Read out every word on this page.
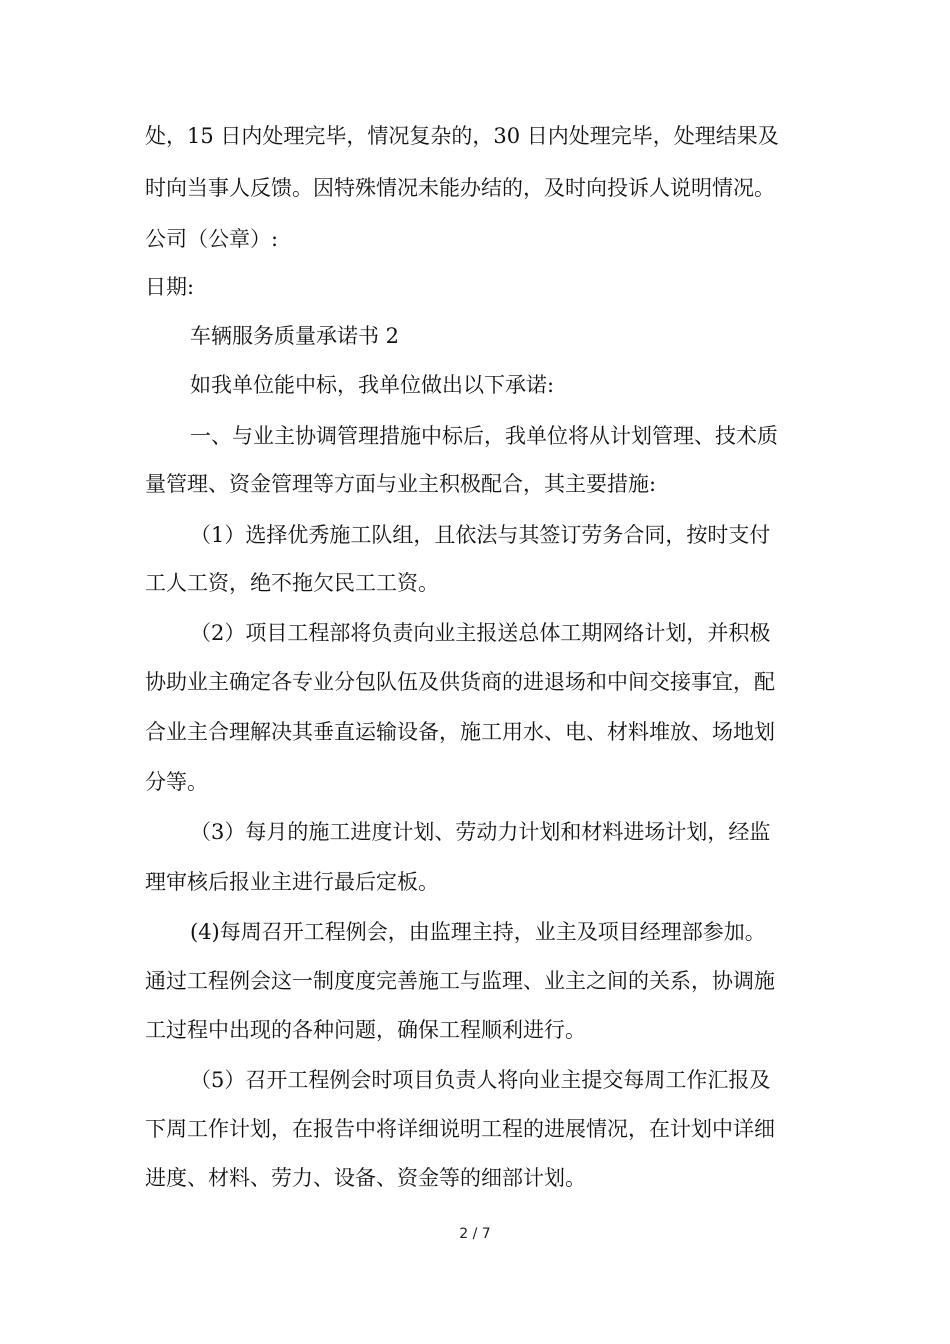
处，15 日内处理完毕，情况复杂的，30 日内处理完毕，处理结果及
时向当事人反馈。因特殊情况未能办结的，及时向投诉人说明情况。
公司（公章）:
日期:
车辆服务质量承诺书 2
如我单位能中标，我单位做出以下承诺:
一、与业主协调管理措施中标后，我单位将从计划管理、技术质
量管理、资金管理等方面与业主积极配合，其主要措施:
（1）选择优秀施工队组，且依法与其签订劳务合同，按时支付
工人工资，绝不拖欠民工工资。
（2）项目工程部将负责向业主报送总体工期网络计划，并积极
协助业主确定各专业分包队伍及供货商的进退场和中间交接事宜，配
合业主合理解决其垂直运输设备，施工用水、电、材料堆放、场地划
分等。
（3）每月的施工进度计划、劳动力计划和材料进场计划，经监
理审核后报业主进行最后定板。
(4)每周召开工程例会，由监理主持，业主及项目经理部参加。
通过工程例会这一制度度完善施工与监理、业主之间的关系，协调施
工过程中出现的各种问题，确保工程顺利进行。
（5）召开工程例会时项目负责人将向业主提交每周工作汇报及
下周工作计划，在报告中将详细说明工程的进展情况，在计划中详细
进度、材料、劳力、设备、资金等的细部计划。
2 / 7
